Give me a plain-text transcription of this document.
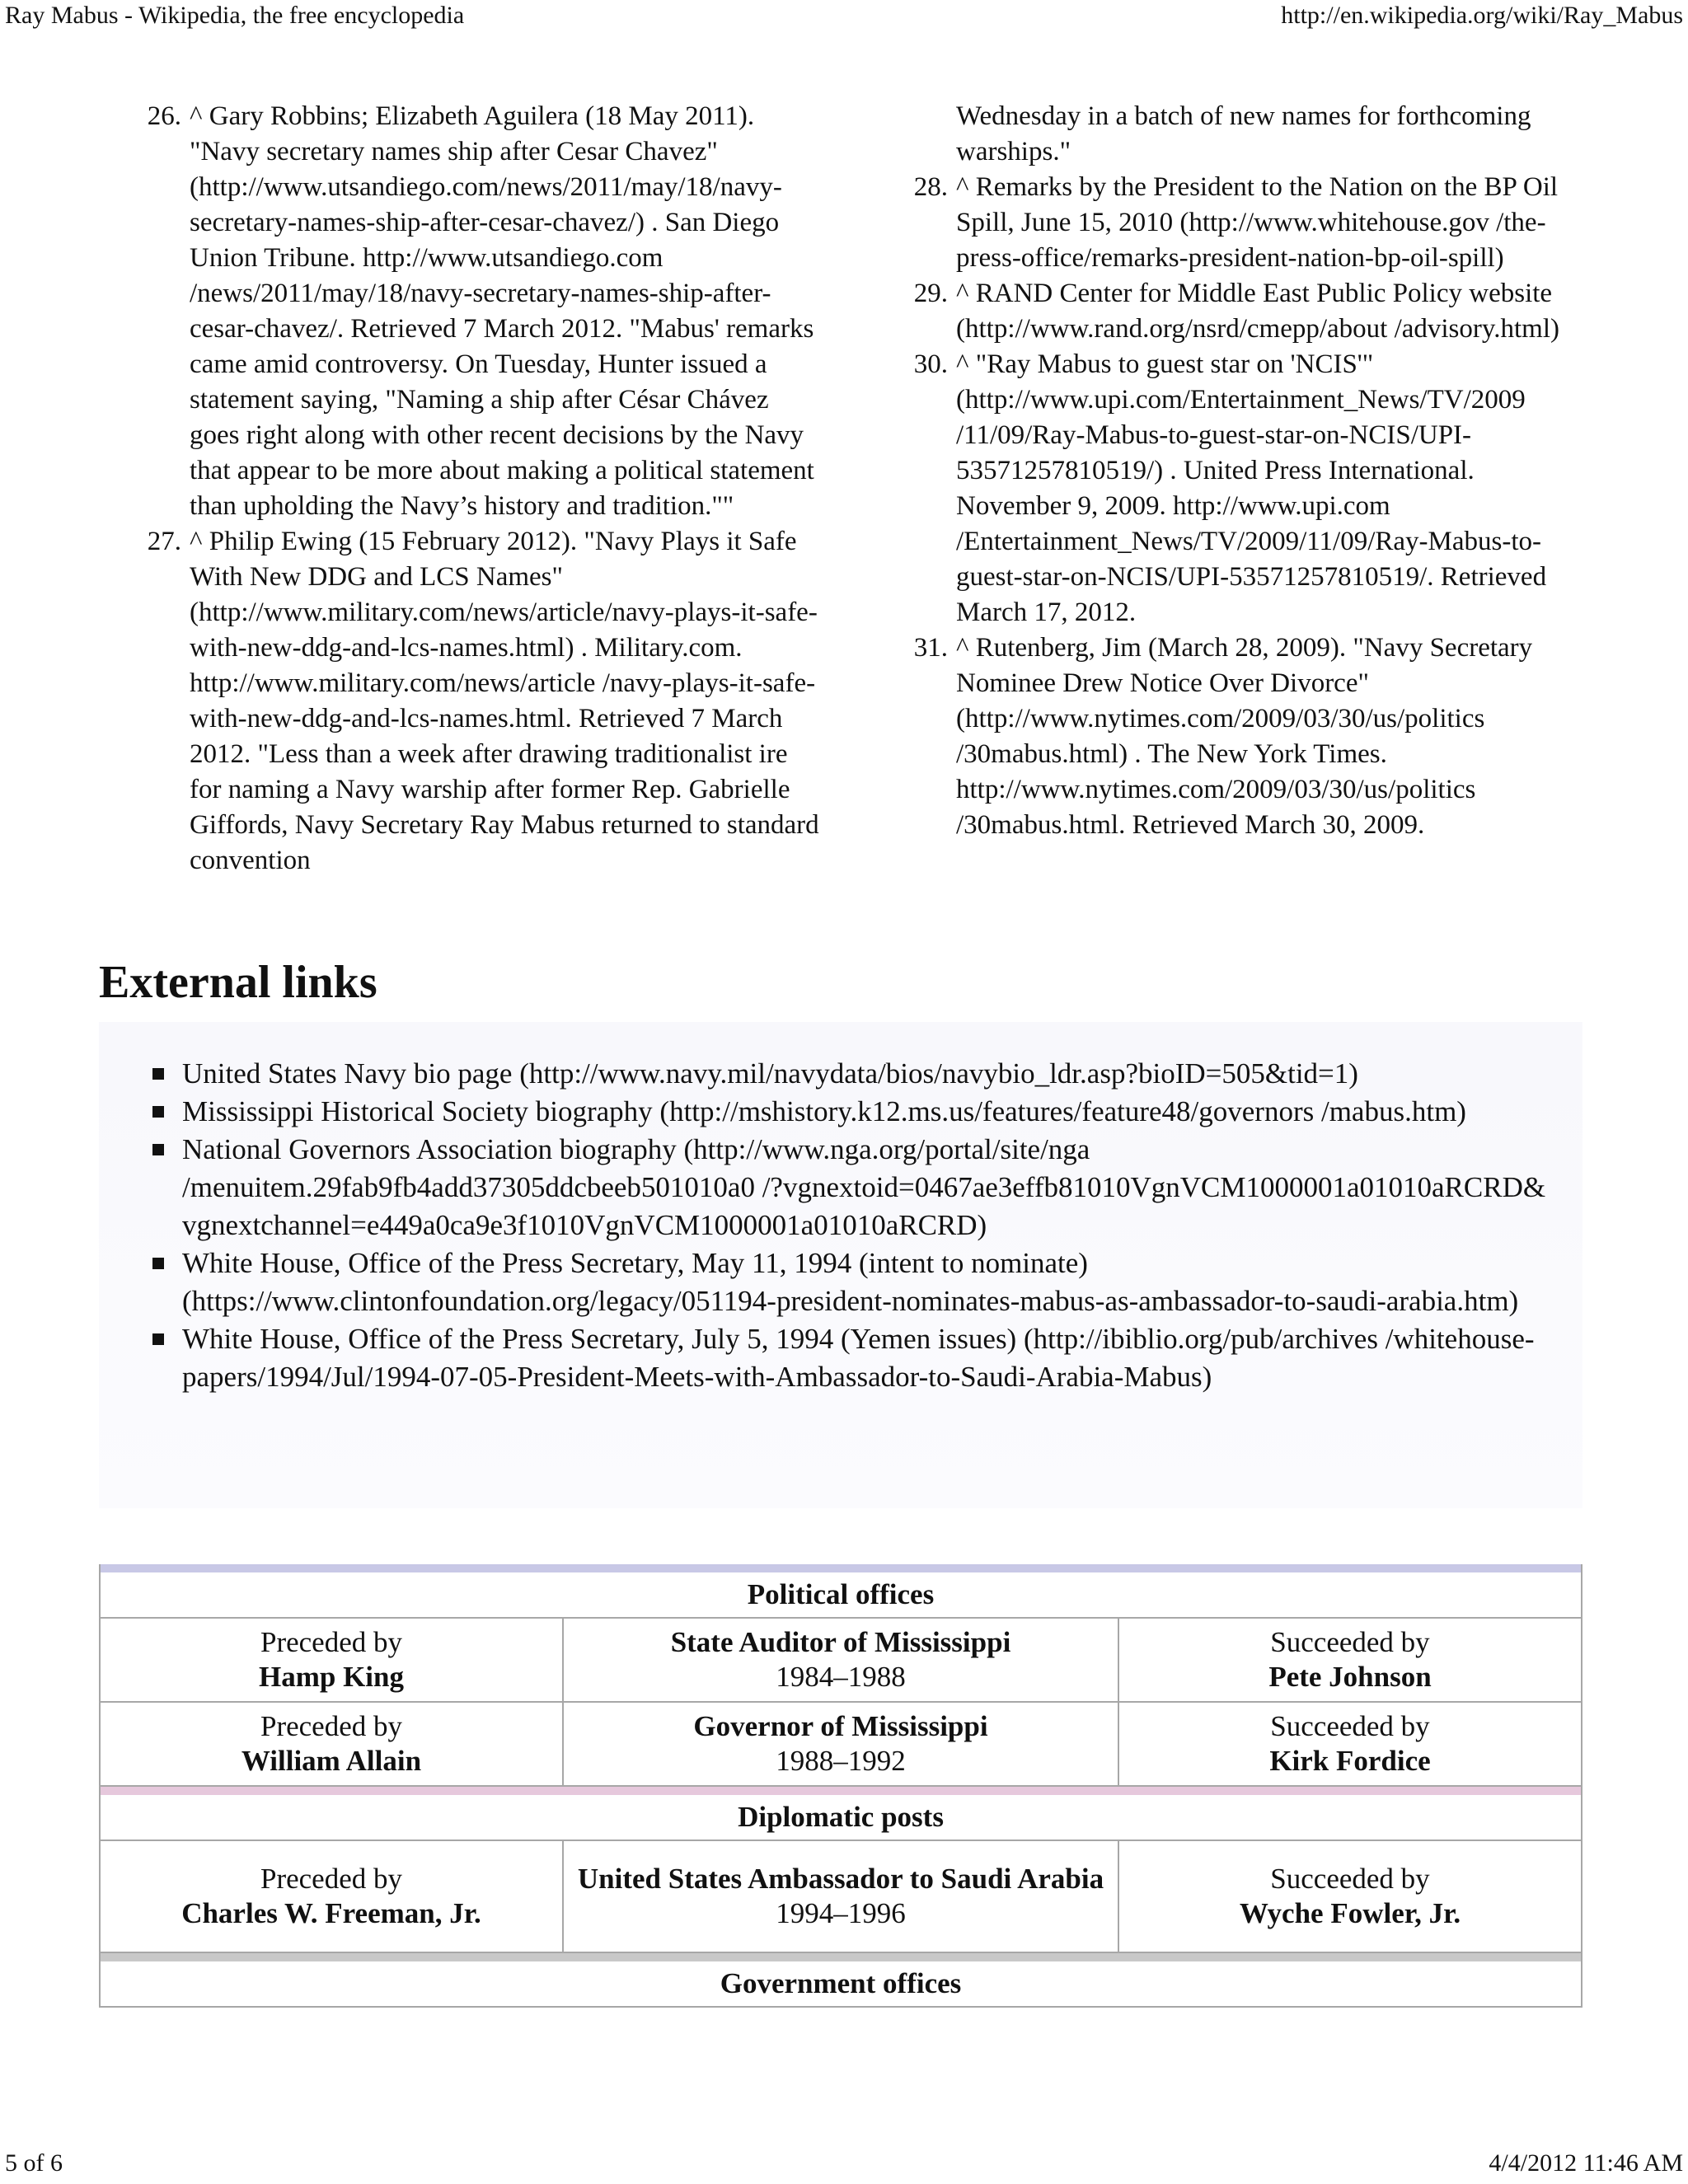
Ray Mabus - Wikipedia, the free encyclopedia	http://en.wikipedia.org/wiki/Ray_Mabus
26. ^ Gary Robbins; Elizabeth Aguilera (18 May 2011). "Navy secretary names ship after Cesar Chavez" (http://www.utsandiego.com/news/2011/may/18/navy-secretary-names-ship-after-cesar-chavez/) . San Diego Union Tribune. http://www.utsandiego.com /news/2011/may/18/navy-secretary-names-ship-after-cesar-chavez/. Retrieved 7 March 2012. "Mabus' remarks came amid controversy. On Tuesday, Hunter issued a statement saying, "Naming a ship after César Chávez goes right along with other recent decisions by the Navy that appear to be more about making a political statement than upholding the Navy’s history and tradition.""
27. ^ Philip Ewing (15 February 2012). "Navy Plays it Safe With New DDG and LCS Names" (http://www.military.com/news/article/navy-plays-it-safe-with-new-ddg-and-lcs-names.html) . Military.com. http://www.military.com/news/article /navy-plays-it-safe-with-new-ddg-and-lcs-names.html. Retrieved 7 March 2012. "Less than a week after drawing traditionalist ire for naming a Navy warship after former Rep. Gabrielle Giffords, Navy Secretary Ray Mabus returned to standard convention
Wednesday in a batch of new names for forthcoming warships."
28. ^ Remarks by the President to the Nation on the BP Oil Spill, June 15, 2010 (http://www.whitehouse.gov /the-press-office/remarks-president-nation-bp-oil-spill)
29. ^ RAND Center for Middle East Public Policy website (http://www.rand.org/nsrd/cmepp/about /advisory.html)
30. ^ "Ray Mabus to guest star on 'NCIS'" (http://www.upi.com/Entertainment_News/TV/2009 /11/09/Ray-Mabus-to-guest-star-on-NCIS/UPI-53571257810519/) . United Press International. November 9, 2009. http://www.upi.com /Entertainment_News/TV/2009/11/09/Ray-Mabus-to-guest-star-on-NCIS/UPI-53571257810519/. Retrieved March 17, 2012.
31. ^ Rutenberg, Jim (March 28, 2009). "Navy Secretary Nominee Drew Notice Over Divorce" (http://www.nytimes.com/2009/03/30/us/politics /30mabus.html) . The New York Times. http://www.nytimes.com/2009/03/30/us/politics /30mabus.html. Retrieved March 30, 2009.
External links
United States Navy bio page (http://www.navy.mil/navydata/bios/navybio_ldr.asp?bioID=505&tid=1)
Mississippi Historical Society biography (http://mshistory.k12.ms.us/features/feature48/governors /mabus.htm)
National Governors Association biography (http://www.nga.org/portal/site/nga /menuitem.29fab9fb4add37305ddcbeeb501010a0 /?vgnextoid=0467ae3effb81010VgnVCM1000001a01010aRCRD& vgnextchannel=e449a0ca9e3f1010VgnVCM1000001a01010aRCRD)
White House, Office of the Press Secretary, May 11, 1994 (intent to nominate) (https://www.clintonfoundation.org/legacy/051194-president-nominates-mabus-as-ambassador-to-saudi-arabia.htm)
White House, Office of the Press Secretary, July 5, 1994 (Yemen issues) (http://ibiblio.org/pub/archives /whitehouse-papers/1994/Jul/1994-07-05-President-Meets-with-Ambassador-to-Saudi-Arabia-Mabus)
Political offices
Preceded by
Hamp King
State Auditor of Mississippi
1984–1988
Succeeded by
Pete Johnson
Preceded by
William Allain
Governor of Mississippi
1988–1992
Succeeded by
Kirk Fordice
Diplomatic posts
Preceded by
Charles W. Freeman, Jr.
United States Ambassador to Saudi Arabia
1994–1996
Succeeded by
Wyche Fowler, Jr.
Government offices
5 of 6	4/4/2012 11:46 AM
